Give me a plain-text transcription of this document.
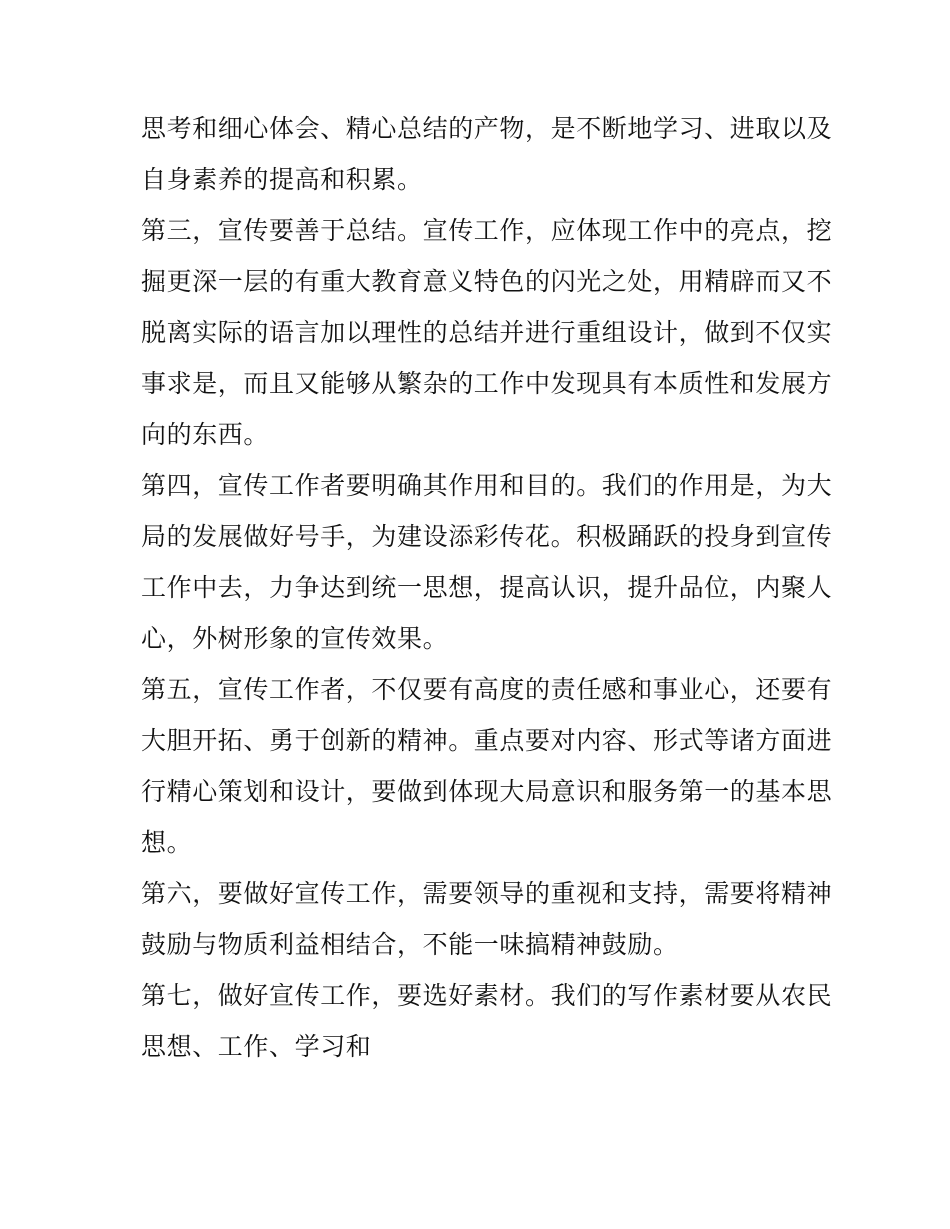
思考和细心体会、精心总结的产物，是不断地学习、进取以及
自身素养的提高和积累。
第三，宣传要善于总结。宣传工作，应体现工作中的亮点，挖
掘更深一层的有重大教育意义特色的闪光之处，用精辟而又不
脱离实际的语言加以理性的总结并进行重组设计，做到不仅实
事求是，而且又能够从繁杂的工作中发现具有本质性和发展方
向的东西。
第四，宣传工作者要明确其作用和目的。我们的作用是，为大
局的发展做好号手，为建设添彩传花。积极踊跃的投身到宣传
工作中去，力争达到统一思想，提高认识，提升品位，内聚人
心，外树形象的宣传效果。
第五，宣传工作者，不仅要有高度的责任感和事业心，还要有
大胆开拓、勇于创新的精神。重点要对内容、形式等诸方面进
行精心策划和设计，要做到体现大局意识和服务第一的基本思
想。
第六，要做好宣传工作，需要领导的重视和支持，需要将精神
鼓励与物质利益相结合，不能一味搞精神鼓励。
第七，做好宣传工作，要选好素材。我们的写作素材要从农民
思想、工作、学习和
